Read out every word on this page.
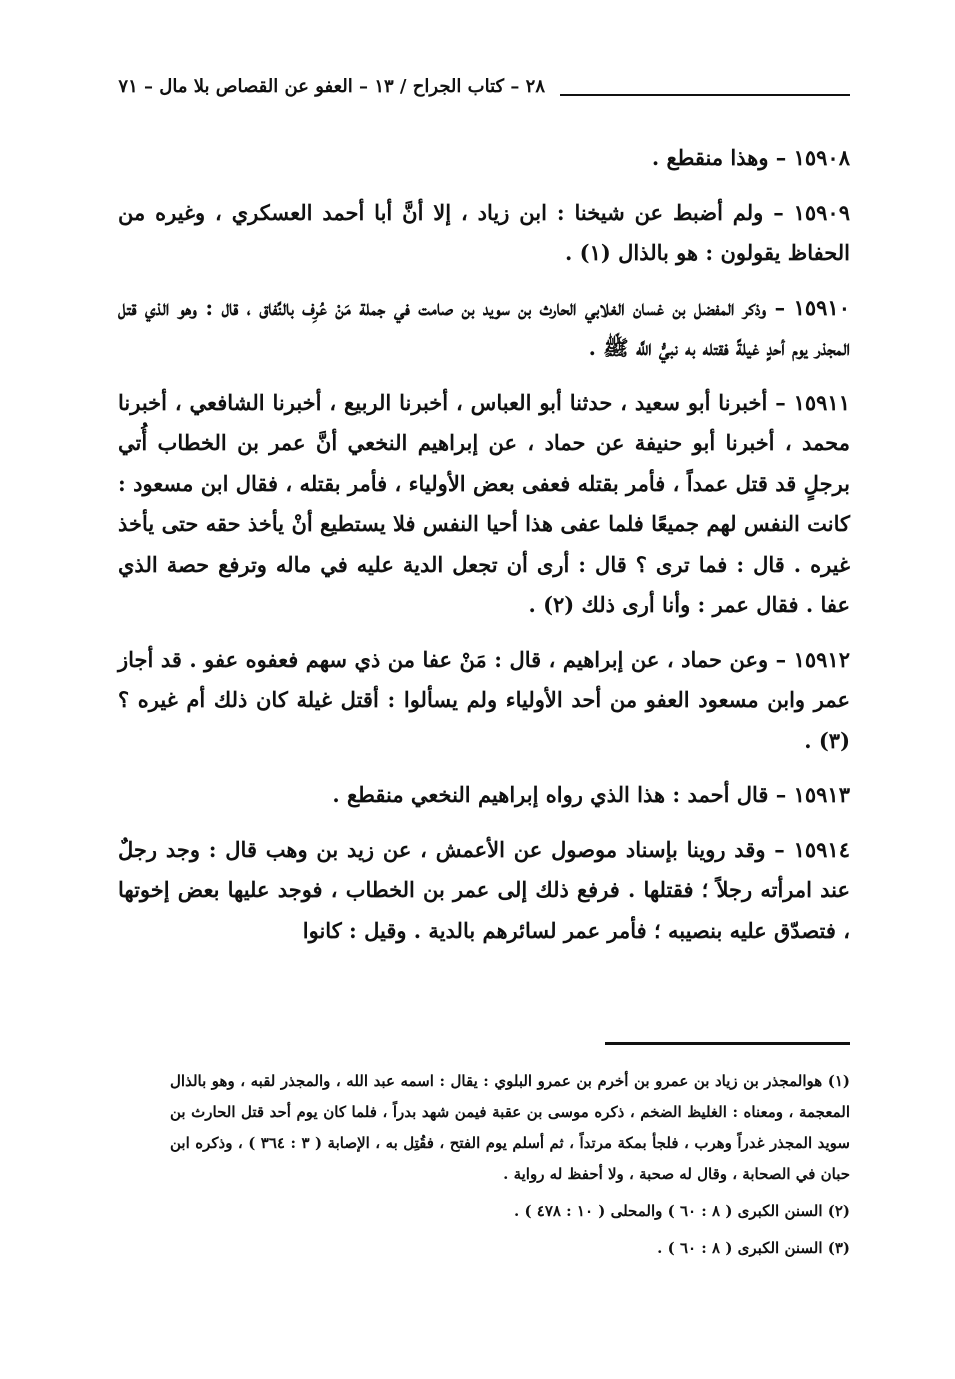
٢٨ – كتاب الجراح / ١٣ – العفو عن القصاص بلا مال – ٧١

١٥٩٠٨ – وهذا منقطع .

١٥٩٠٩ – ولم أضبط عن شيخنا : ابن زياد ، إلا أنَّ أبا أحمد العسكري ، وغيره من الحفاظ يقولون : هو بالذال (١) .

١٥٩١٠ – وذكر المفضل بن غسان الغلابي الحارث بن سويد بن صامت في جملة مَنْ عُرِف بالنِّفاق ، قال : وهو الذي قتل المجذر يوم أحدٍ غيلةً فقتله به نبيُّ اللَّه ﷺ .

١٥٩١١ – أخبرنا أبو سعيد ، حدثنا أبو العباس ، أخبرنا الربيع ، أخبرنا الشافعي ، أخبرنا محمد ، أخبرنا أبو حنيفة عن حماد ، عن إبراهيم النخعي أنَّ عمر بن الخطاب أُتي برجلٍ قد قتل عمداً ، فأمر بقتله فعفى بعض الأولياء ، فأمر بقتله ، فقال ابن مسعود : كانت النفس لهم جميعًا فلما عفى هذا أحيا النفس فلا يستطيع أنْ يأخذ حقه حتى يأخذ غيره . قال : فما ترى ؟ قال : أرى أن تجعل الدية عليه في ماله وترفع حصة الذي عفا . فقال عمر : وأنا أرى ذلك (٢) .

١٥٩١٢ – وعن حماد ، عن إبراهيم ، قال : مَنْ عفا من ذي سهم فعفوه عفو . قد أجاز عمر وابن مسعود العفو من أحد الأولياء ولم يسألوا : أقتل غيلة كان ذلك أم غيره ؟ (٣) .

١٥٩١٣ – قال أحمد : هذا الذي رواه إبراهيم النخعي منقطع .

١٥٩١٤ – وقد روينا بإسناد موصول عن الأعمش ، عن زيد بن وهب قال : وجد رجلٌ عند امرأته رجلاً ؛ فقتلها . فرفع ذلك إلى عمر بن الخطاب ، فوجد عليها بعض إخوتها ، فتصدّق عليه بنصيبه ؛ فأمر عمر لسائرهم بالدية . وقيل : كانوا

(١) هوالمجذر بن زياد بن عمرو بن أخرم بن عمرو البلوي : يقال : اسمه عبد الله ، والمجذر لقبه ، وهو بالذال المعجمة ، ومعناه : الغليظ الضخم ، ذكره موسى بن عقبة فيمن شهد بدراً ، فلما كان يوم أحد قتل الحارث بن سويد المجذر غدراً وهرب ، فلجأ بمكة مرتداً ، ثم أسلم يوم الفتح ، فقُتِل به ، الإصابة ( ٣ : ٣٦٤ ) ، وذكره ابن حبان في الصحابة ، وقال له صحبة ، ولا أحفظ له رواية .

(٢) السنن الكبرى ( ٨ : ٦٠ ) والمحلى ( ١٠ : ٤٧٨ ) .

(٣) السنن الكبرى ( ٨ : ٦٠ ) .
